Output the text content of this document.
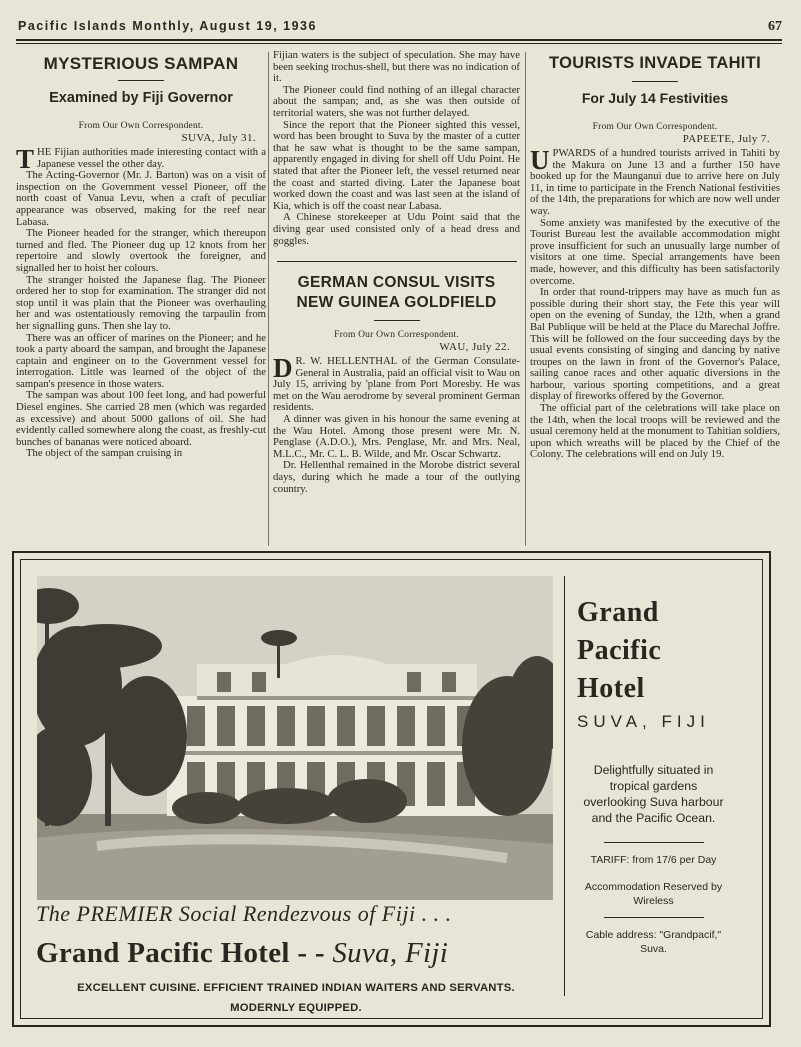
Pacific Islands Monthly, August 19, 1936	67
MYSTERIOUS SAMPAN
Examined by Fiji Governor
From Our Own Correspondent.
SUVA, July 31.

THE Fijian authorities made interesting contact with a Japanese vessel the other day.

The Acting-Governor (Mr. J. Barton) was on a visit of inspection on the Government vessel Pioneer, off the north coast of Vanua Levu, when a craft of peculiar appearance was observed, making for the reef near Labasa.

The Pioneer headed for the stranger, which thereupon turned and fled. The Pioneer dug up 12 knots from her repertoire and slowly overtook the foreigner, and signalled her to hoist her colours.

The stranger hoisted the Japanese flag. The Pioneer ordered her to stop for examination. The stranger did not stop until it was plain that the Pioneer was overhauling her and was ostentatiously removing the tarpaulin from her signalling guns. Then she lay to.

There was an officer of marines on the Pioneer; and he took a party aboard the sampan, and brought the Japanese captain and engineer on to the Government vessel for interrogation. Little was learned of the object of the sampan's presence in those waters.

The sampan was about 100 feet long, and had powerful Diesel engines. She carried 28 men (which was regarded as excessive) and about 5000 gallons of oil. She had evidently called somewhere along the coast, as freshly-cut bunches of bananas were noticed aboard.

The object of the sampan cruising in

Fijian waters is the subject of speculation. She may have been seeking trochus-shell, but there was no indication of it.

The Pioneer could find nothing of an illegal character about the sampan; and, as she was then outside of territorial waters, she was not further delayed.

Since the report that the Pioneer sighted this vessel, word has been brought to Suva by the master of a cutter that he saw what is thought to be the same sampan, apparently engaged in diving for shell off Udu Point. He stated that after the Pioneer left, the vessel returned near the coast and started diving. Later the Japanese boat worked down the coast and was last seen at the island of Kia, which is off the coast near Labasa.

A Chinese storekeeper at Udu Point said that the diving gear used consisted only of a head dress and goggles.

GERMAN CONSUL VISITS
NEW GUINEA GOLDFIELD
From Our Own Correspondent.
WAU, July 22.

D R. W. HELLENTHAL of the German Consulate-General in Australia, paid an official visit to Wau on July 15, arriving by 'plane from Port Moresby. He was met on the Wau aerodrome by several prominent German residents.

A dinner was given in his honour the same evening at the Wau Hotel. Among those present were Mr. N. Penglase (A.D.O.), Mrs. Penglase, Mr. and Mrs. Neal, M.L.C., Mr. C. L. B. Wilde, and Mr. Oscar Schwartz.

Dr. Hellenthal remained in the Morobe district several days, during which he made a tour of the outlying country.

TOURISTS INVADE TAHITI
For July 14 Festivities
From Our Own Correspondent.
PAPEETE, July 7.

UPWARDS of a hundred tourists arrived in Tahiti by the Makura on June 13 and a further 150 have booked up for the Maunganui due to arrive here on July 11, in time to participate in the French National festivities of the 14th, the preparations for which are now well under way.

Some anxiety was manifested by the executive of the Tourist Bureau lest the available accommodation might prove insufficient for such an unusually large number of visitors at one time. Special arrangements have been made, however, and this difficulty has been satisfactorily overcome.

In order that round-trippers may have as much fun as possible during their short stay, the Fete this year will open on the evening of Sunday, the 12th, when a grand Bal Publique will be held at the Place du Marechal Joffre. This will be followed on the four succeeding days by the usual events consisting of singing and dancing by native troupes on the lawn in front of the Governor's Palace, sailing canoe races and other aquatic diversions in the harbour, various sporting competitions, and a great display of fireworks offered by the Governor.

The official part of the celebrations will take place on the 14th, when the local troops will be reviewed and the usual ceremony held at the monument to Tahitian soldiers, upon which wreaths will be placed by the Chief of the Colony. The celebrations will end on July 19.

Grand
Pacific
Hotel
SUVA, FIJI
Delightfully situated in tropical gardens overlooking Suva harbour and the Pacific Ocean.
TARIFF: from 17/6 per Day
Accommodation Reserved by Wireless
Cable address: "Grandpacif," Suva.
The PREMIER Social Rendezvous of Fiji . . .
Grand Pacific Hotel - - Suva, Fiji
EXCELLENT CUISINE. EFFICIENT TRAINED INDIAN WAITERS AND SERVANTS.
MODERNLY EQUIPPED.
